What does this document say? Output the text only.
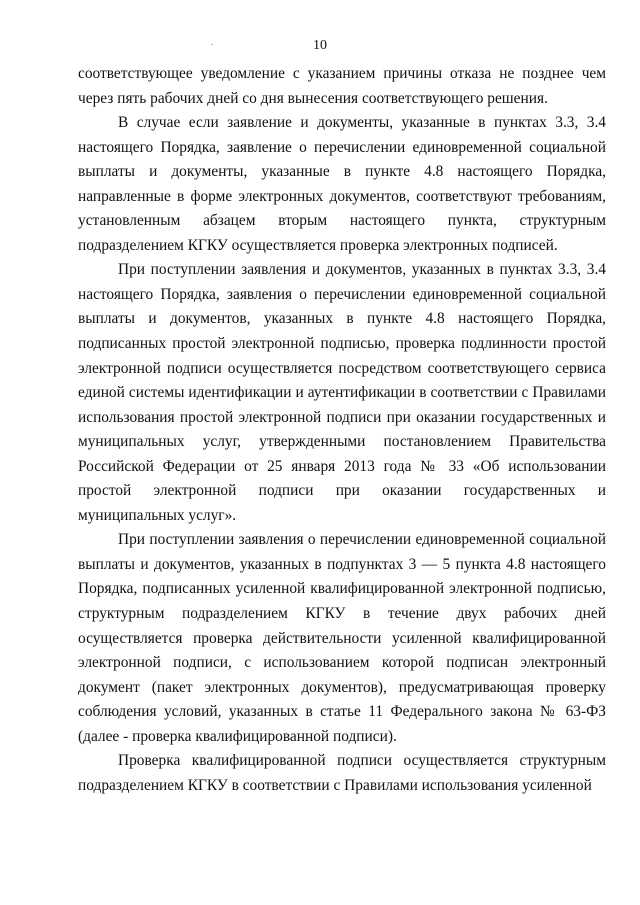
10

соответствующее уведомление с указанием причины отказа не позднее чем через пять рабочих дней со дня вынесения соответствующего решения.

В случае если заявление и документы, указанные в пунктах 3.3, 3.4 настоящего Порядка, заявление о перечислении единовременной социальной выплаты и документы, указанные в пункте 4.8 настоящего Порядка, направленные в форме электронных документов, соответствуют требованиям, установленным абзацем вторым настоящего пункта, структурным подразделением КГКУ осуществляется проверка электронных подписей.

При поступлении заявления и документов, указанных в пунктах 3.3, 3.4 настоящего Порядка, заявления о перечислении единовременной социальной выплаты и документов, указанных в пункте 4.8 настоящего Порядка, подписанных простой электронной подписью, проверка подлинности простой электронной подписи осуществляется посредством соответствующего сервиса единой системы идентификации и аутентификации в соответствии с Правилами использования простой электронной подписи при оказании государственных и муниципальных услуг, утвержденными постановлением Правительства Российской Федерации от 25 января 2013 года № 33 «Об использовании простой электронной подписи при оказании государственных и муниципальных услуг».

При поступлении заявления о перечислении единовременной социальной выплаты и документов, указанных в подпунктах 3 — 5 пункта 4.8 настоящего Порядка, подписанных усиленной квалифицированной электронной подписью, структурным подразделением КГКУ в течение двух рабочих дней осуществляется проверка действительности усиленной квалифицированной электронной подписи, с использованием которой подписан электронный документ (пакет электронных документов), предусматривающая проверку соблюдения условий, указанных в статье 11 Федерального закона № 63-ФЗ (далее - проверка квалифицированной подписи).

Проверка квалифицированной подписи осуществляется структурным подразделением КГКУ в соответствии с Правилами использования усиленной
